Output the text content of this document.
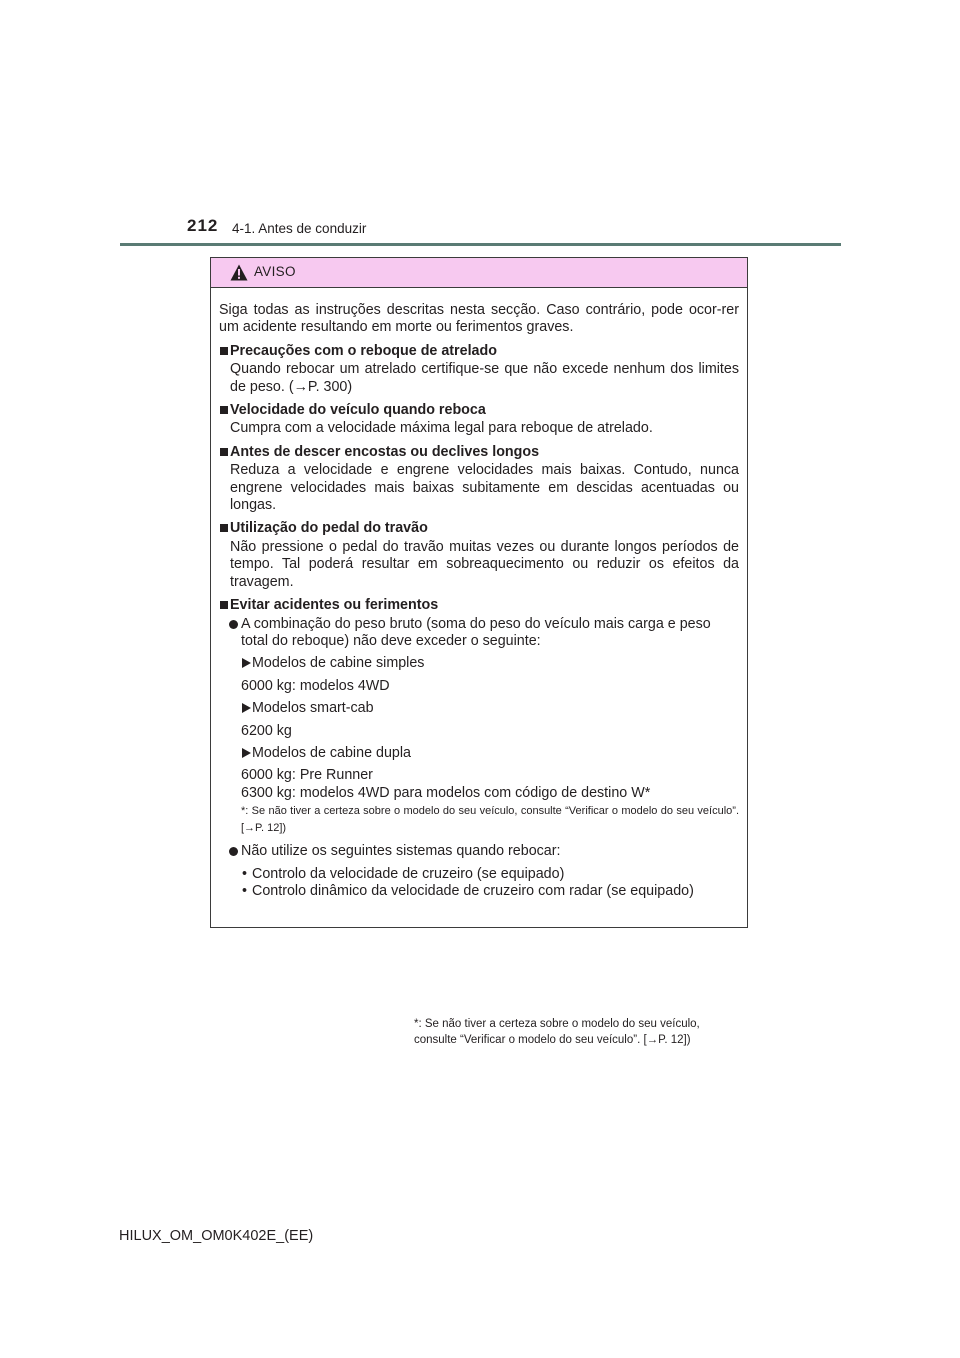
212 4-1. Antes de conduzir
AVISO

Siga todas as instruções descritas nesta secção. Caso contrário, pode ocor-rer um acidente resultando em morte ou ferimentos graves.

Precauções com o reboque de atrelado

Quando rebocar um atrelado certifique-se que não excede nenhum dos limites de peso. (→P. 300)

Velocidade do veículo quando reboca

Cumpra com a velocidade máxima legal para reboque de atrelado.

Antes de descer encostas ou declives longos

Reduza a velocidade e engrene velocidades mais baixas. Contudo, nunca engrene velocidades mais baixas subitamente em descidas acentuadas ou longas.

Utilização do pedal do travão

Não pressione o pedal do travão muitas vezes ou durante longos períodos de tempo. Tal poderá resultar em sobreaquecimento ou reduzir os efeitos da travagem.

Evitar acidentes ou ferimentos

A combinação do peso bruto (soma do peso do veículo mais carga e peso total do reboque) não deve exceder o seguinte:

Modelos de cabine simples

6000 kg: modelos 4WD

Modelos smart-cab

6200 kg

Modelos de cabine dupla

6000 kg: Pre Runner

6300 kg: modelos 4WD para modelos com código de destino W*

*: Se não tiver a certeza sobre o modelo do seu veículo, consulte “Verificar o modelo do seu veículo”. [→P. 12])

Não utilize os seguintes sistemas quando rebocar:

• Controlo da velocidade de cruzeiro (se equipado)

• Controlo dinâmico da velocidade de cruzeiro com radar (se equipado)

*: Se não tiver a certeza sobre o modelo do seu veículo,
consulte “Verificar o modelo do seu veículo”. [→P. 12])
HILUX_OM_OM0K402E_(EE)
